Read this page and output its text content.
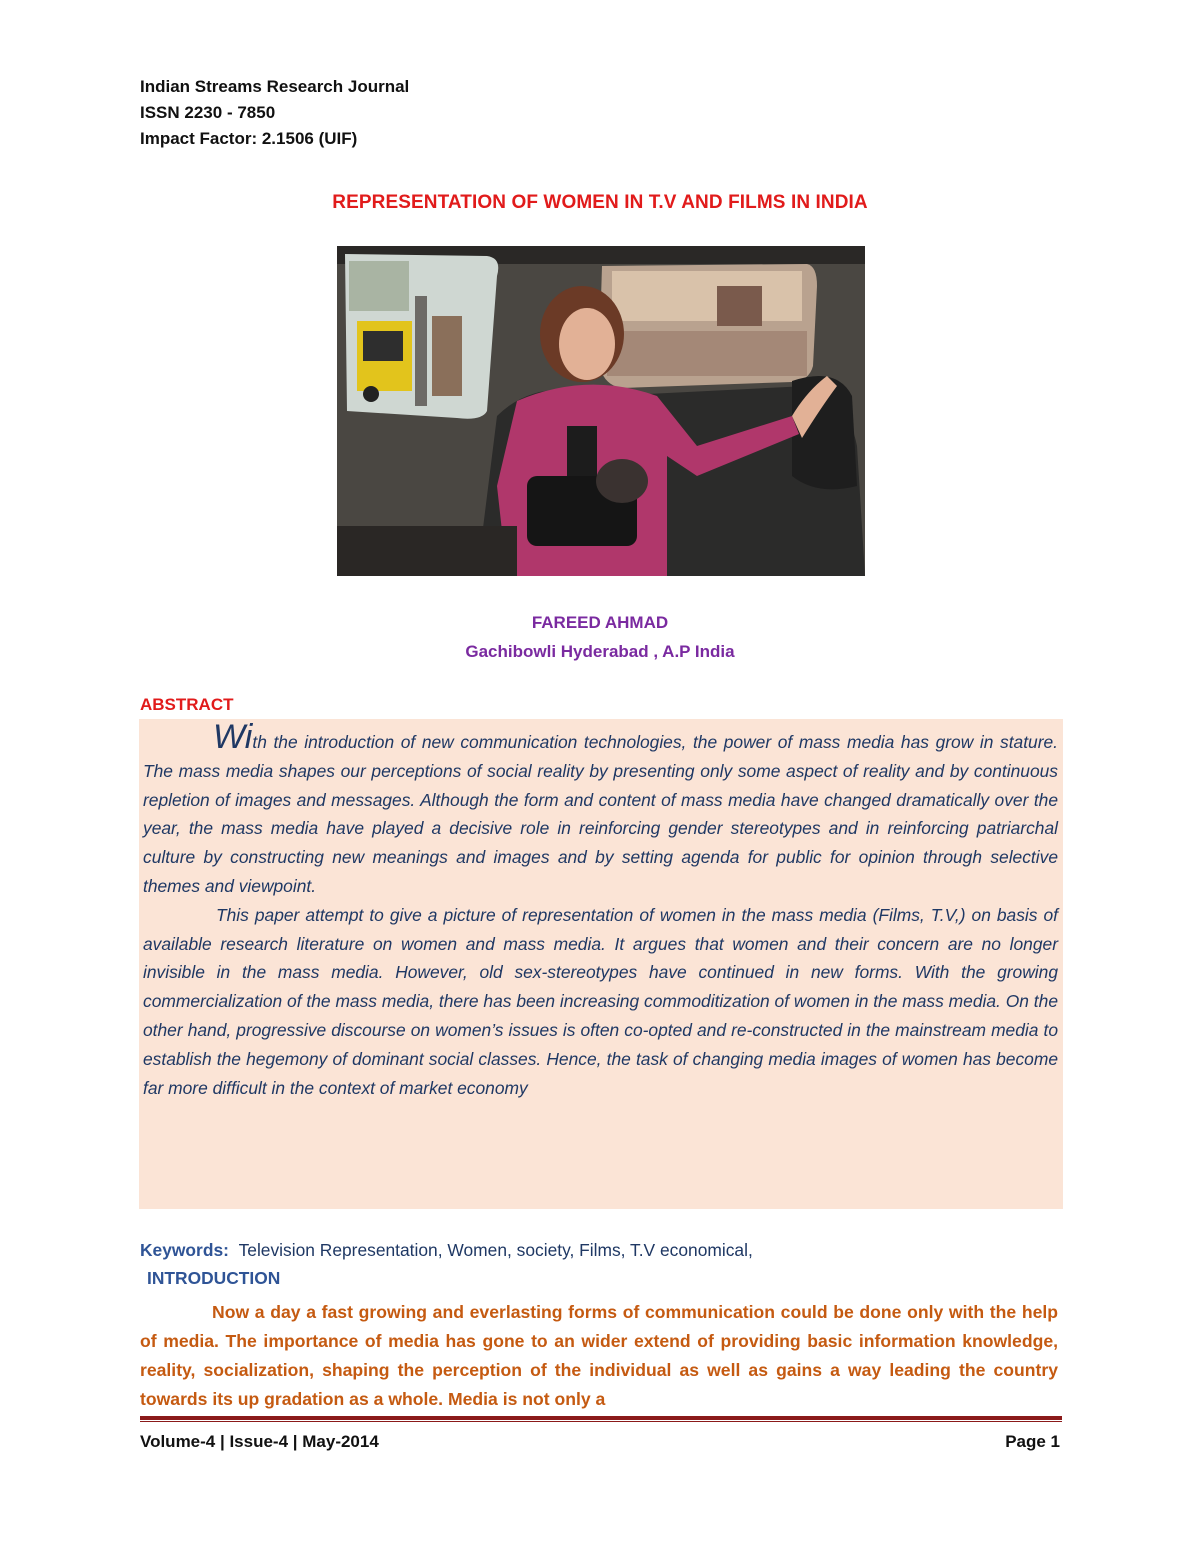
Indian Streams Research Journal
ISSN 2230 - 7850
Impact Factor: 2.1506 (UIF)
REPRESENTATION OF WOMEN IN T.V AND FILMS IN INDIA
FAREED AHMAD
Gachibowli Hyderabad , A.P India
ABSTRACT

With the introduction of new communication technologies, the power of mass media has grow in stature. The mass media shapes our perceptions of social reality by presenting only some aspect of reality and by continuous repletion of images and messages. Although the form and content of mass media have changed dramatically over the year, the mass media have played a decisive role in reinforcing gender stereotypes and in reinforcing patriarchal culture by constructing new meanings and images and by setting agenda for public for opinion through selective themes and viewpoint.

This paper attempt to give a picture of representation of women in the mass media (Films, T.V,) on basis of available research literature on women and mass media. It argues that women and their concern are no longer invisible in the mass media. However, old sex-stereotypes have continued in new forms. With the growing commercialization of the mass media, there has been increasing commoditization of women in the mass media. On the other hand, progressive discourse on women’s issues is often co-opted and re-constructed in the mainstream media to establish the hegemony of dominant social classes. Hence, the task of changing media images of women has become far more difficult in the context of market economy

Keywords: Television Representation, Women, society, Films, T.V economical,
INTRODUCTION

Now a day a fast growing and everlasting forms of communication could be done only with the help of media. The importance of media has gone to an wider extend of providing basic information knowledge, reality, socialization, shaping the perception of the individual as well as gains a way leading the country towards its up gradation as a whole. Media is not only a

Volume-4 | Issue-4 | May-2014	Page 1
